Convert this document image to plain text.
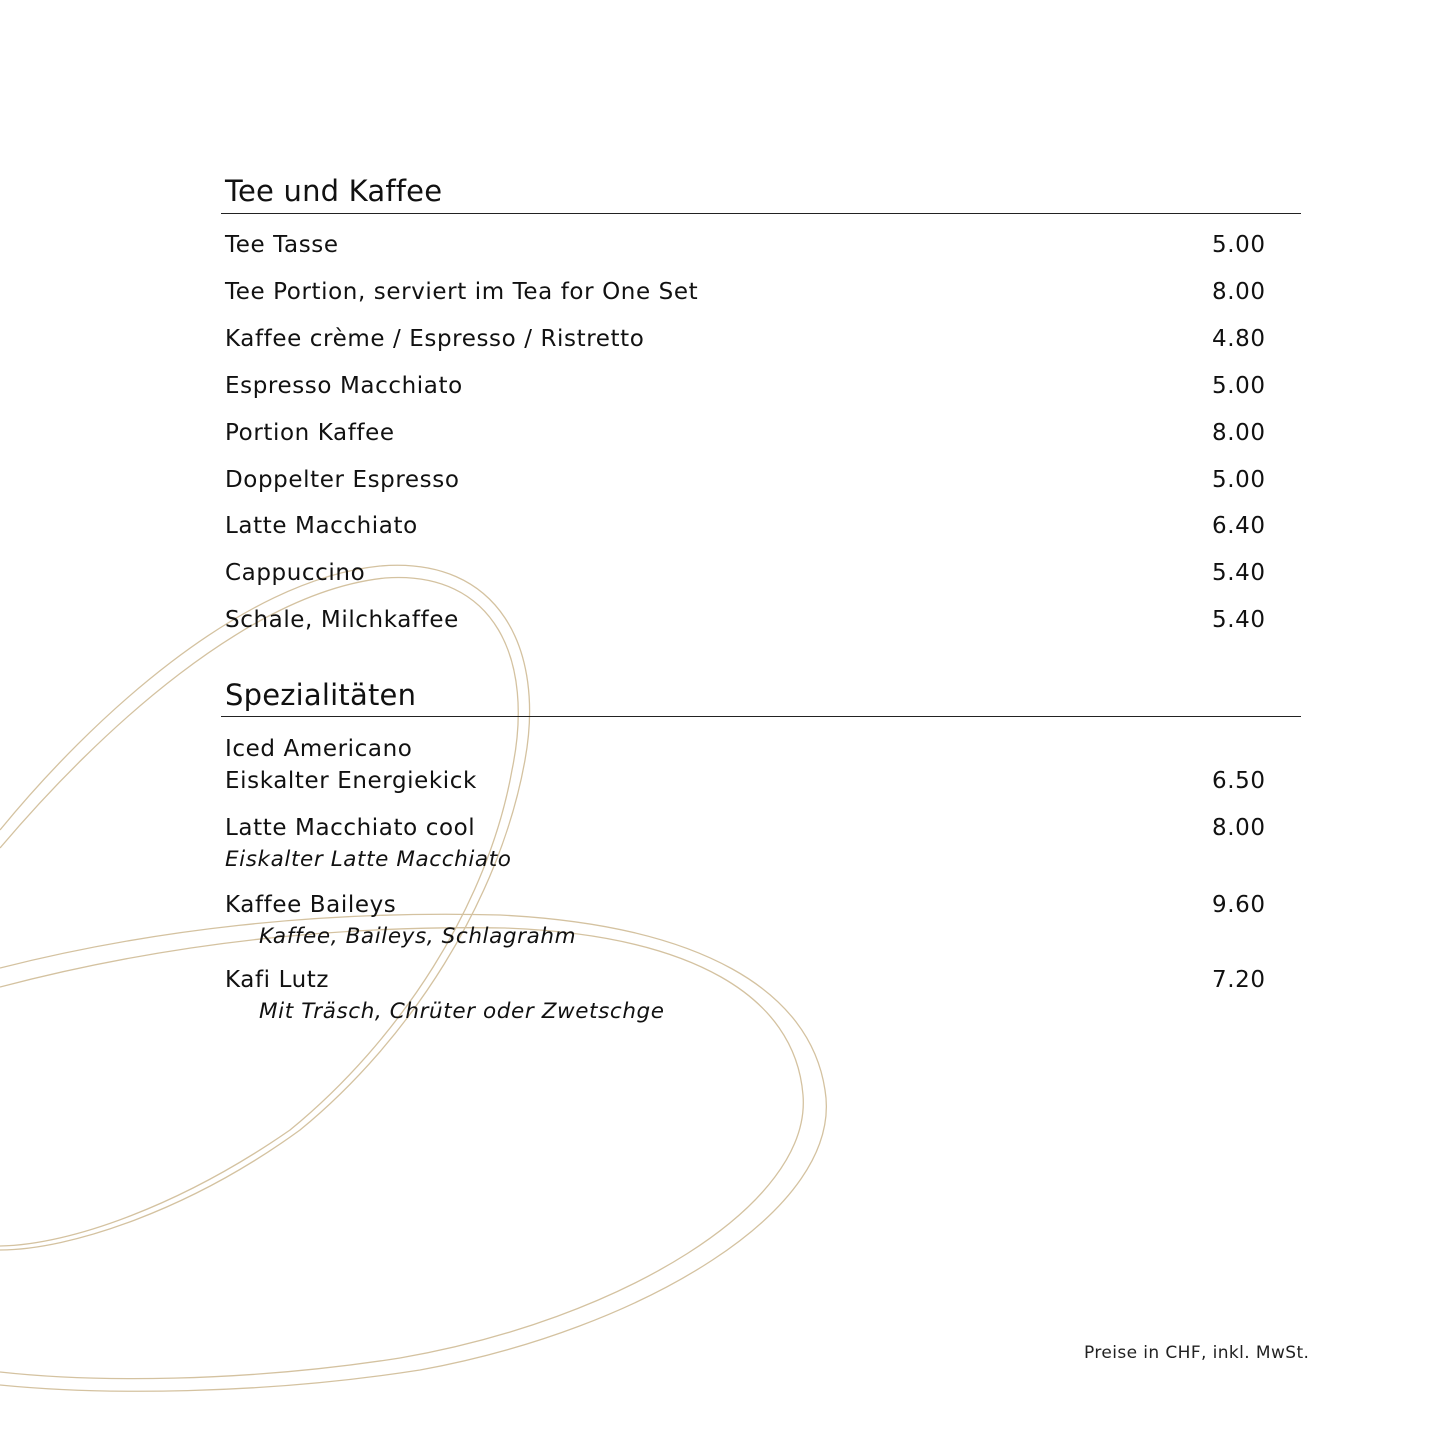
Tee und Kaffee
Tee Tasse	5.00
Tee Portion, serviert im Tea for One Set	8.00
Kaffee crème / Espresso / Ristretto	4.80
Espresso Macchiato	5.00
Portion Kaffee	8.00
Doppelter Espresso	5.00
Latte Macchiato	6.40
Cappuccino	5.40
Schale, Milchkaffee	5.40
Spezialitäten
Iced Americano
Eiskalter Energiekick	6.50
Latte Macchiato cool	8.00
Eiskalter Latte Macchiato
Kaffee Baileys	9.60
Kaffee, Baileys, Schlagrahm
Kafi Lutz	7.20
Mit Träsch, Chrüter oder Zwetschge
Preise in CHF, inkl. MwSt.
